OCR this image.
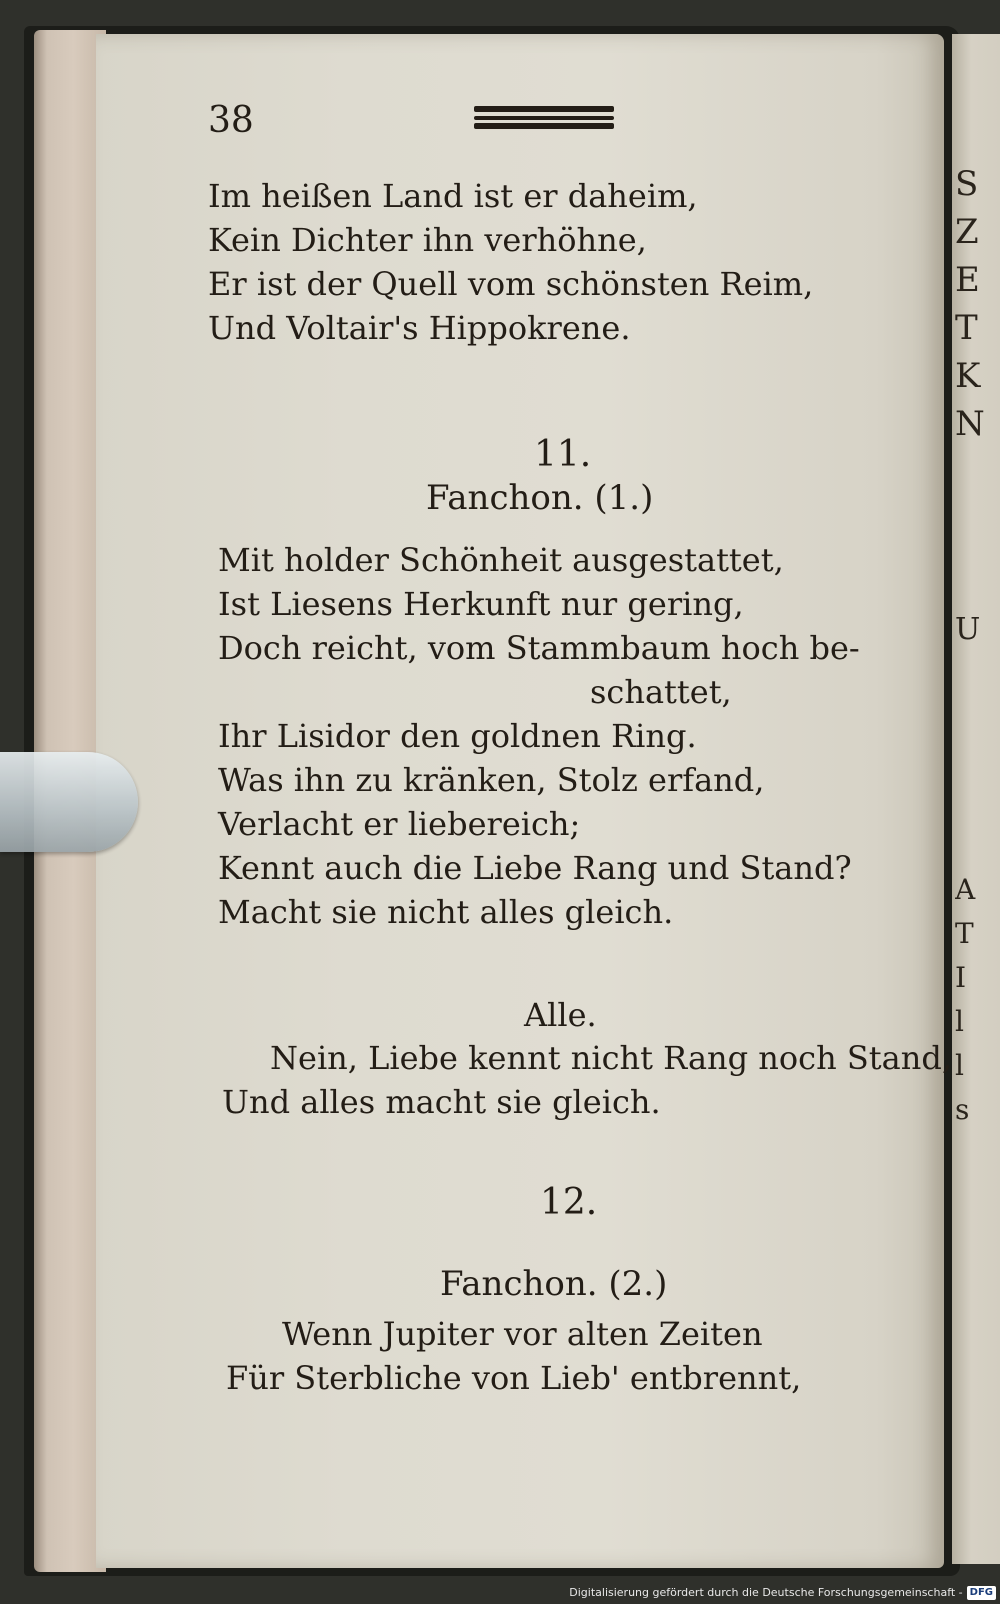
S
Z
E
T
K
N
U
A
T
I
l
l
s
38
Im heißen Land ist er daheim,
Kein Dichter ihn verhöhne,
Er ist der Quell vom schönsten Reim,
Und Voltair's Hippokrene.
11.
Fanchon. (1.)
Mit holder Schönheit ausgestattet,
Ist Liesens Herkunft nur gering,
Doch reicht, vom Stammbaum hoch be-
schattet,
Ihr Lisidor den goldnen Ring.
Was ihn zu kränken, Stolz erfand,
Verlacht er liebereich;
Kennt auch die Liebe Rang und Stand?
Macht sie nicht alles gleich.
Alle.
Nein, Liebe kennt nicht Rang noch Stand,
Und alles macht sie gleich.
12.
Fanchon. (2.)
Wenn Jupiter vor alten Zeiten
Für Sterbliche von Lieb' entbrennt,
Digitalisierung gefördert durch die Deutsche Forschungsgemeinschaft - DFG
